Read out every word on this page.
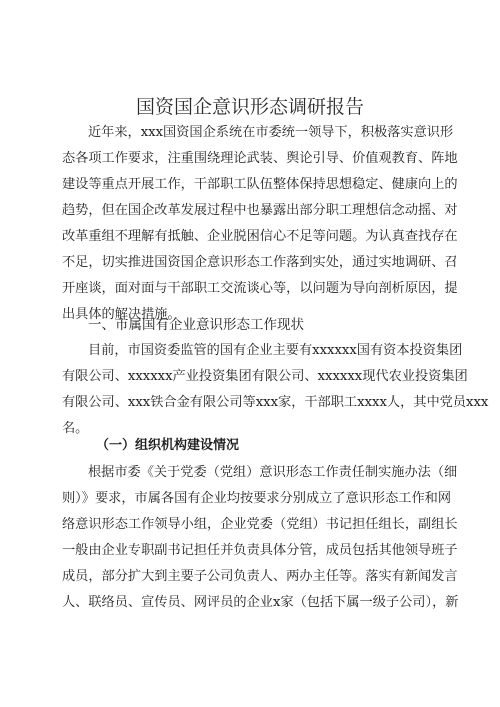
国资国企意识形态调研报告
近年来，xxx国资国企系统在市委统一领导下，积极落实意识形
态各项工作要求，注重围绕理论武装、舆论引导、价值观教育、阵地
建设等重点开展工作，干部职工队伍整体保持思想稳定、健康向上的
趋势，但在国企改革发展过程中也暴露出部分职工理想信念动摇、对
改革重组不理解有抵触、企业脱困信心不足等问题。为认真查找存在
不足，切实推进国资国企意识形态工作落到实处，通过实地调研、召
开座谈，面对面与干部职工交流谈心等，以问题为导向剖析原因，提
出具体的解决措施。
一、市属国有企业意识形态工作现状
目前，市国资委监管的国有企业主要有xxxxxx国有资本投资集团
有限公司、xxxxxx产业投资集团有限公司、xxxxxx现代农业投资集团
有限公司、xxx铁合金有限公司等xxx家，干部职工xxxx人，其中党员xxx
名。
（一）组织机构建设情况
根据市委《关于党委（党组）意识形态工作责任制实施办法（细
则）》要求，市属各国有企业均按要求分别成立了意识形态工作和网
络意识形态工作领导小组，企业党委（党组）书记担任组长，副组长
一般由企业专职副书记担任并负责具体分管，成员包括其他领导班子
成员，部分扩大到主要子公司负责人、两办主任等。落实有新闻发言
人、联络员、宣传员、网评员的企业x家（包括下属一级子公司），新
